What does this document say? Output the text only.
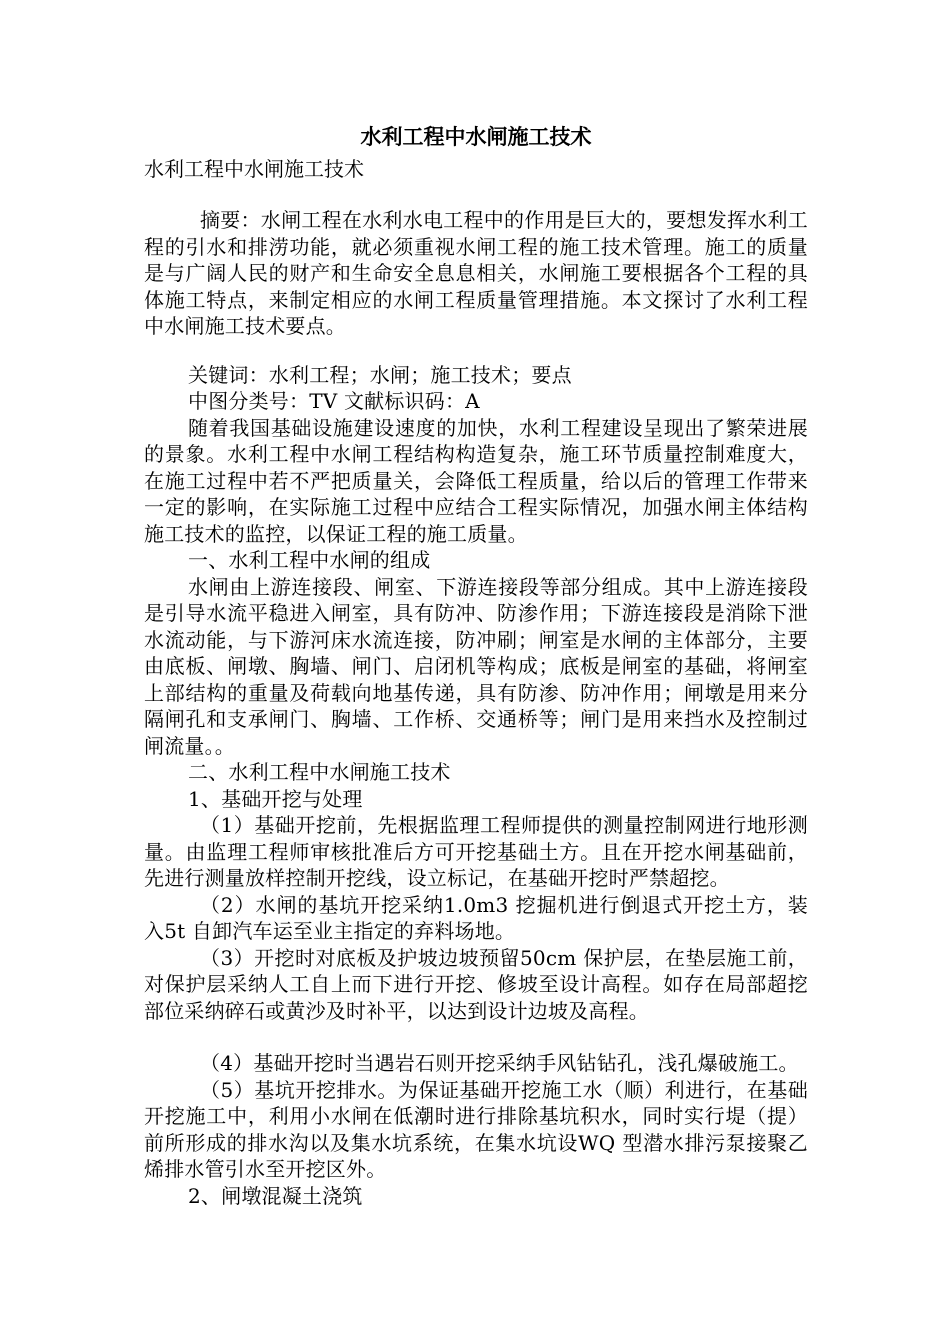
水利工程中水闸施工技术

水利工程中水闸施工技术

摘要：水闸工程在水利水电工程中的作用是巨大的，要想发挥水利工程的引水和排涝功能，就必须重视水闸工程的施工技术管理。施工的质量是与广阔人民的财产和生命安全息息相关，水闸施工要根据各个工程的具体施工特点，来制定相应的水闸工程质量管理措施。本文探讨了水利工程中水闸施工技术要点。

关键词：水利工程；水闸；施工技术；要点

中图分类号：TV 文献标识码：A

随着我国基础设施建设速度的加快，水利工程建设呈现出了繁荣进展的景象。水利工程中水闸工程结构构造复杂，施工环节质量控制难度大，在施工过程中若不严把质量关，会降低工程质量，给以后的管理工作带来一定的影响，在实际施工过程中应结合工程实际情况，加强水闸主体结构施工技术的监控，以保证工程的施工质量。

一、水利工程中水闸的组成

水闸由上游连接段、闸室、下游连接段等部分组成。其中上游连接段是引导水流平稳进入闸室，具有防冲、防渗作用；下游连接段是消除下泄水流动能，与下游河床水流连接，防冲刷；闸室是水闸的主体部分，主要由底板、闸墩、胸墙、闸门、启闭机等构成；底板是闸室的基础，将闸室上部结构的重量及荷载向地基传递，具有防渗、防冲作用；闸墩是用来分隔闸孔和支承闸门、胸墙、工作桥、交通桥等；闸门是用来挡水及控制过闸流量。。

二、水利工程中水闸施工技术

1、基础开挖与处理

（1）基础开挖前，先根据监理工程师提供的测量控制网进行地形测量。由监理工程师审核批准后方可开挖基础土方。且在开挖水闸基础前，先进行测量放样控制开挖线，设立标记，在基础开挖时严禁超挖。

（2）水闸的基坑开挖采纳1.0m3 挖掘机进行倒退式开挖土方，装入5t 自卸汽车运至业主指定的弃料场地。

（3）开挖时对底板及护坡边坡预留50cm 保护层，在垫层施工前，对保护层采纳人工自上而下进行开挖、修坡至设计高程。如存在局部超挖部位采纳碎石或黄沙及时补平，以达到设计边坡及高程。

（4）基础开挖时当遇岩石则开挖采纳手风钻钻孔，浅孔爆破施工。

（5）基坑开挖排水。为保证基础开挖施工水（顺）利进行，在基础开挖施工中，利用小水闸在低潮时进行排除基坑积水，同时实行堤（提）前所形成的排水沟以及集水坑系统，在集水坑设WQ 型潜水排污泵接聚乙烯排水管引水至开挖区外。

2、闸墩混凝土浇筑
